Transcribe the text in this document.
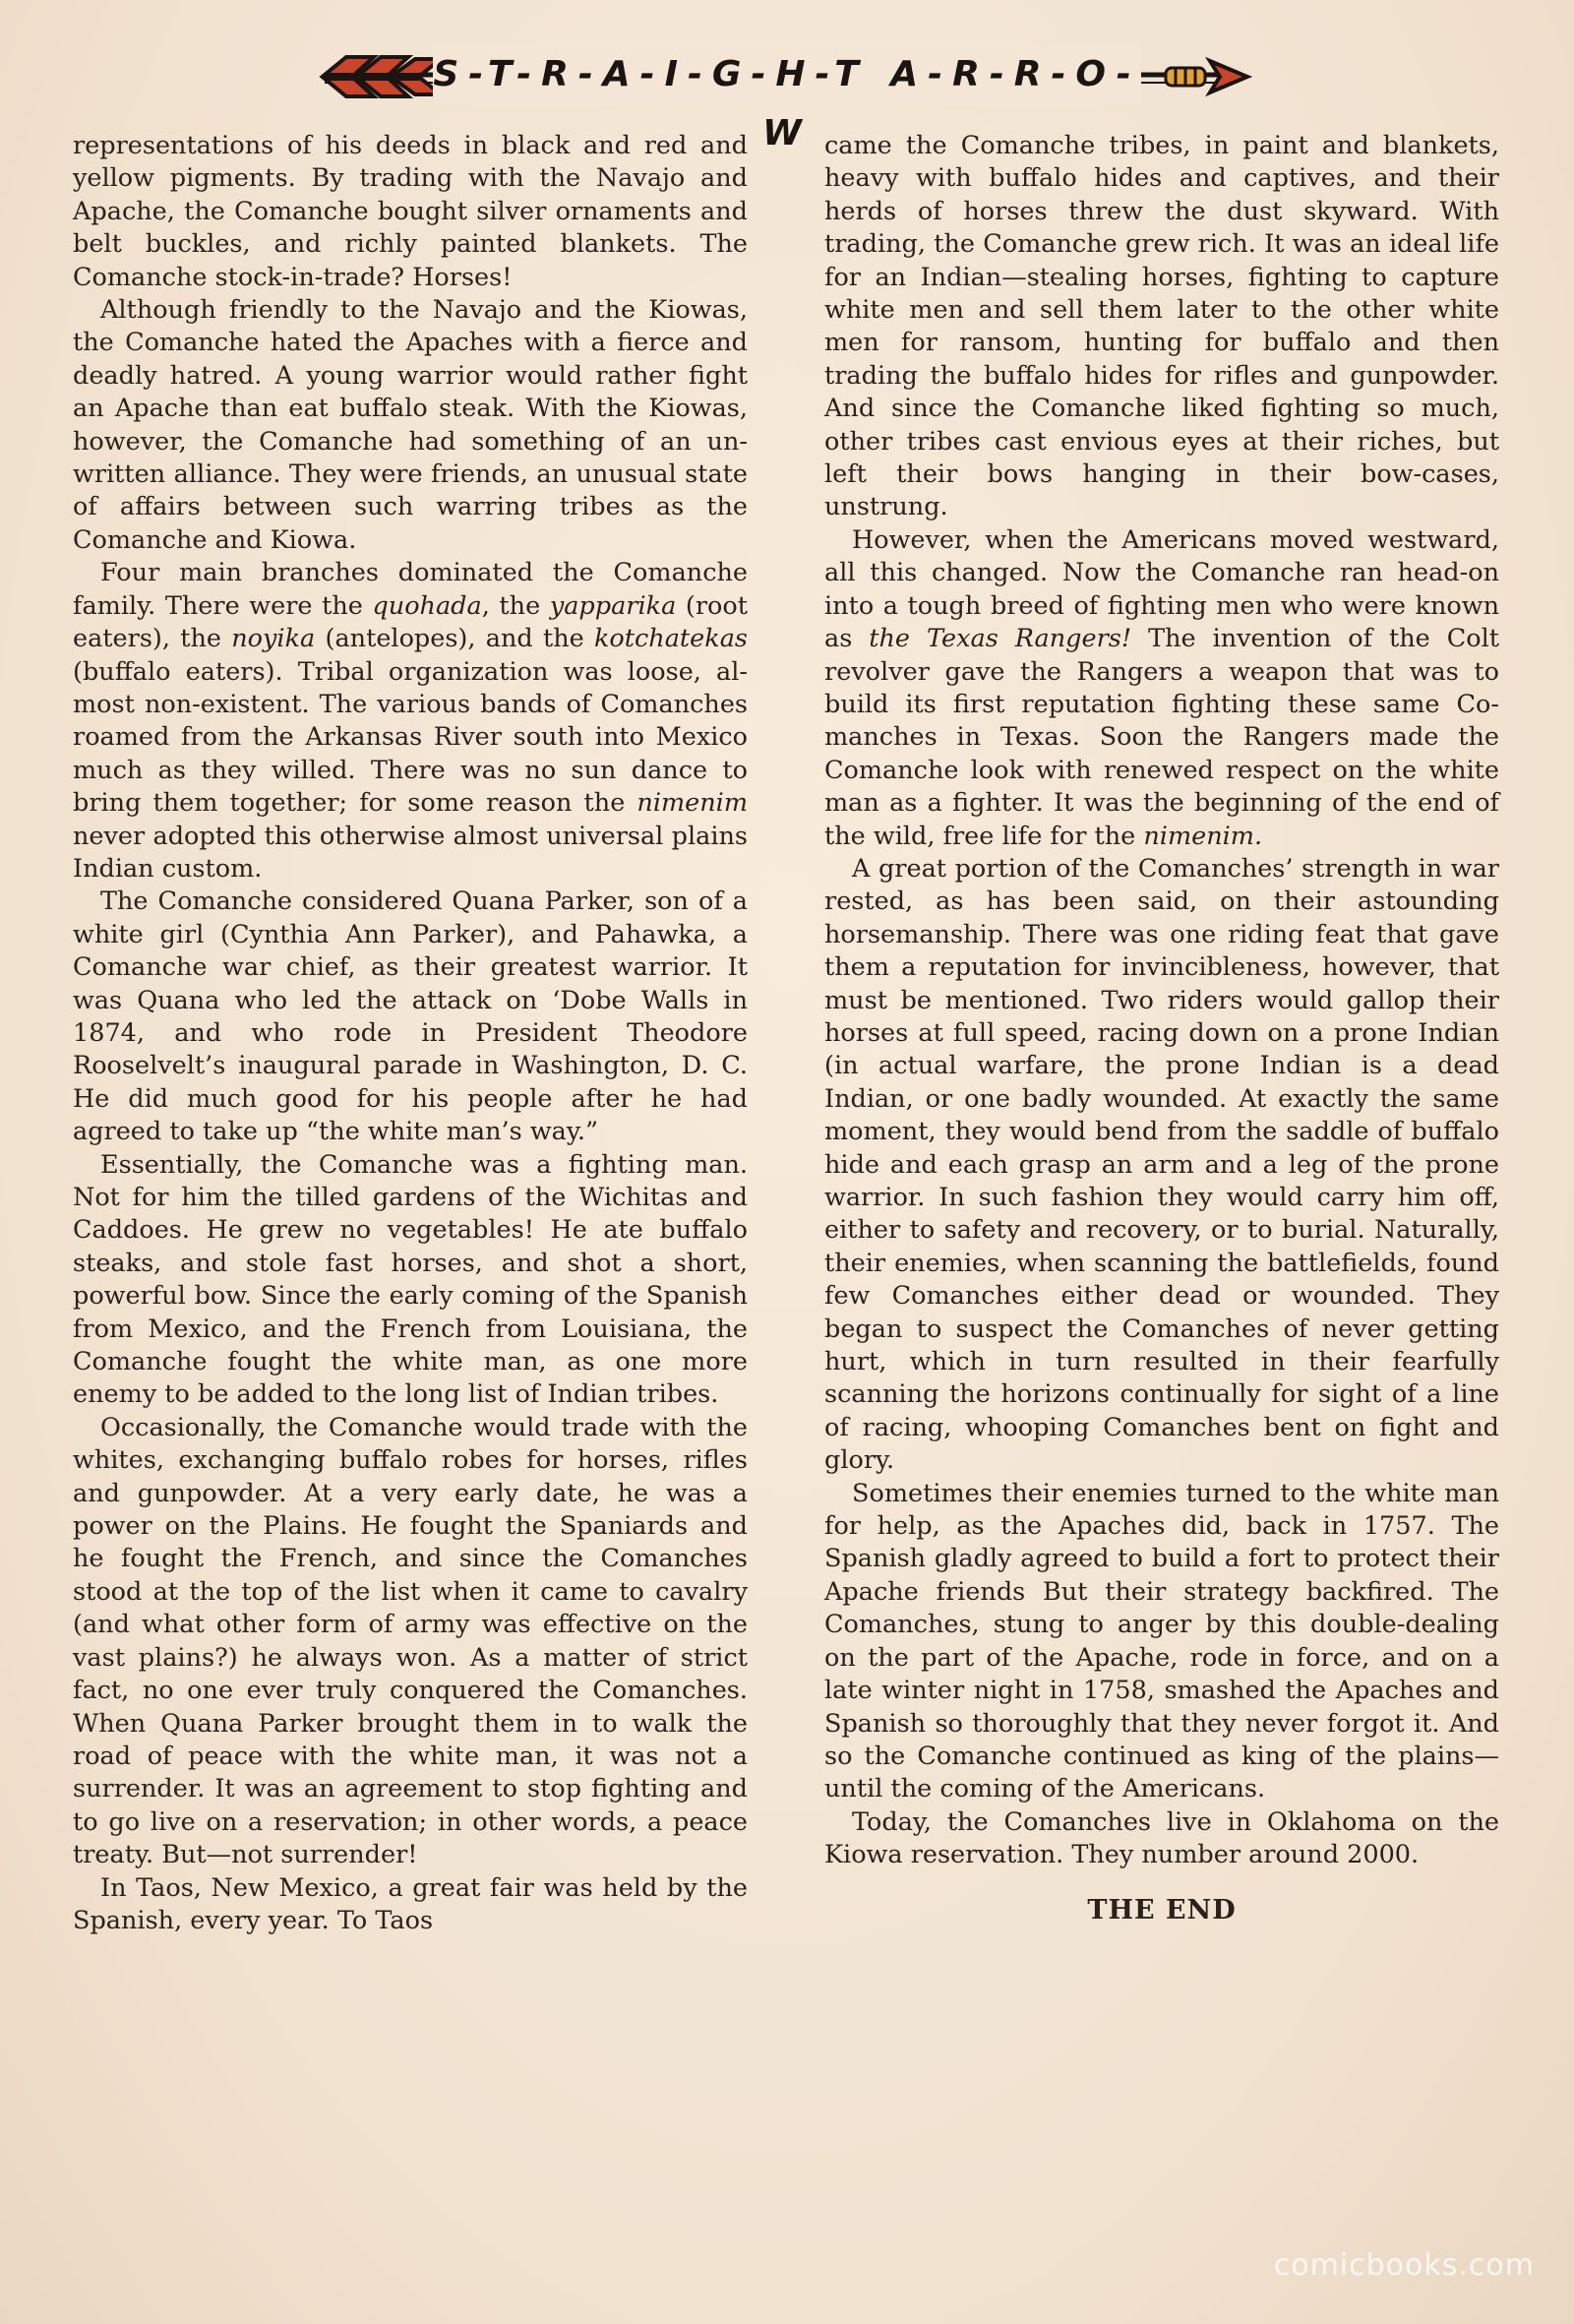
S-T-R-A-I-G-H-T A-R-R-O-W

representations of his deeds in black and red and yellow pigments. By trading with the Navajo and Apache, the Comanche bought silver ornaments and belt buckles, and richly painted blankets. The Comanche stock-in-trade? Horses!

Although friendly to the Navajo and the Kiowas, the Comanche hated the Apaches with a fierce and deadly hatred. A young warrior would rather fight an Apache than eat buffalo steak. With the Kiowas, however, the Comanche had something of an unwritten alliance. They were friends, an unusual state of affairs between such warring tribes as the Comanche and Kiowa.

Four main branches dominated the Comanche family. There were the quohada, the yapparika (root eaters), the noyika (antelopes), and the kotchatekas (buffalo eaters). Tribal organization was loose, almost non-existent. The various bands of Comanches roamed from the Arkansas River south into Mexico much as they willed. There was no sun dance to bring them together; for some reason the nimenim never adopted this otherwise almost universal plains Indian custom.

The Comanche considered Quana Parker, son of a white girl (Cynthia Ann Parker), and Pahawka, a Comanche war chief, as their greatest warrior. It was Quana who led the attack on ‘Dobe Walls in 1874, and who rode in President Theodore Rooselvelt’s inaugural parade in Washington, D. C. He did much good for his people after he had agreed to take up “the white man’s way.”

Essentially, the Comanche was a fighting man. Not for him the tilled gardens of the Wichitas and Caddoes. He grew no vegetables! He ate buffalo steaks, and stole fast horses, and shot a short, powerful bow. Since the early coming of the Spanish from Mexico, and the French from Louisiana, the Comanche fought the white man, as one more enemy to be added to the long list of Indian tribes.

Occasionally, the Comanche would trade with the whites, exchanging buffalo robes for horses, rifles and gunpowder. At a very early date, he was a power on the Plains. He fought the Spaniards and he fought the French, and since the Comanches stood at the top of the list when it came to cavalry (and what other form of army was effective on the vast plains?) he always won. As a matter of strict fact, no one ever truly conquered the Comanches. When Quana Parker brought them in to walk the road of peace with the white man, it was not a surrender. It was an agreement to stop fighting and to go live on a reservation; in other words, a peace treaty. But—not surrender!

In Taos, New Mexico, a great fair was held by the Spanish, every year. To Taos

came the Comanche tribes, in paint and blankets, heavy with buffalo hides and captives, and their herds of horses threw the dust skyward. With trading, the Comanche grew rich. It was an ideal life for an Indian—stealing horses, fighting to capture white men and sell them later to the other white men for ransom, hunting for buffalo and then trading the buffalo hides for rifles and gunpowder. And since the Comanche liked fighting so much, other tribes cast envious eyes at their riches, but left their bows hanging in their bow-cases, unstrung.

However, when the Americans moved westward, all this changed. Now the Comanche ran head-on into a tough breed of fighting men who were known as the Texas Rangers! The invention of the Colt revolver gave the Rangers a weapon that was to build its first reputation fighting these same Comanches in Texas. Soon the Rangers made the Comanche look with renewed respect on the white man as a fighter. It was the beginning of the end of the wild, free life for the nimenim.

A great portion of the Comanches’ strength in war rested, as has been said, on their astounding horsemanship. There was one riding feat that gave them a reputation for invincibleness, however, that must be mentioned. Two riders would gallop their horses at full speed, racing down on a prone Indian (in actual warfare, the prone Indian is a dead Indian, or one badly wounded. At exactly the same moment, they would bend from the saddle of buffalo hide and each grasp an arm and a leg of the prone warrior. In such fashion they would carry him off, either to safety and recovery, or to burial. Naturally, their enemies, when scanning the battlefields, found few Comanches either dead or wounded. They began to suspect the Comanches of never getting hurt, which in turn resulted in their fearfully scanning the horizons continually for sight of a line of racing, whooping Comanches bent on fight and glory.

Sometimes their enemies turned to the white man for help, as the Apaches did, back in 1757. The Spanish gladly agreed to build a fort to protect their Apache friends But their strategy backfired. The Comanches, stung to anger by this double-dealing on the part of the Apache, rode in force, and on a late winter night in 1758, smashed the Apaches and Spanish so thoroughly that they never forgot it. And so the Comanche continued as king of the plains—until the coming of the Americans.

Today, the Comanches live in Oklahoma on the Kiowa reservation. They number around 2000.

THE END
comicbooks.com
